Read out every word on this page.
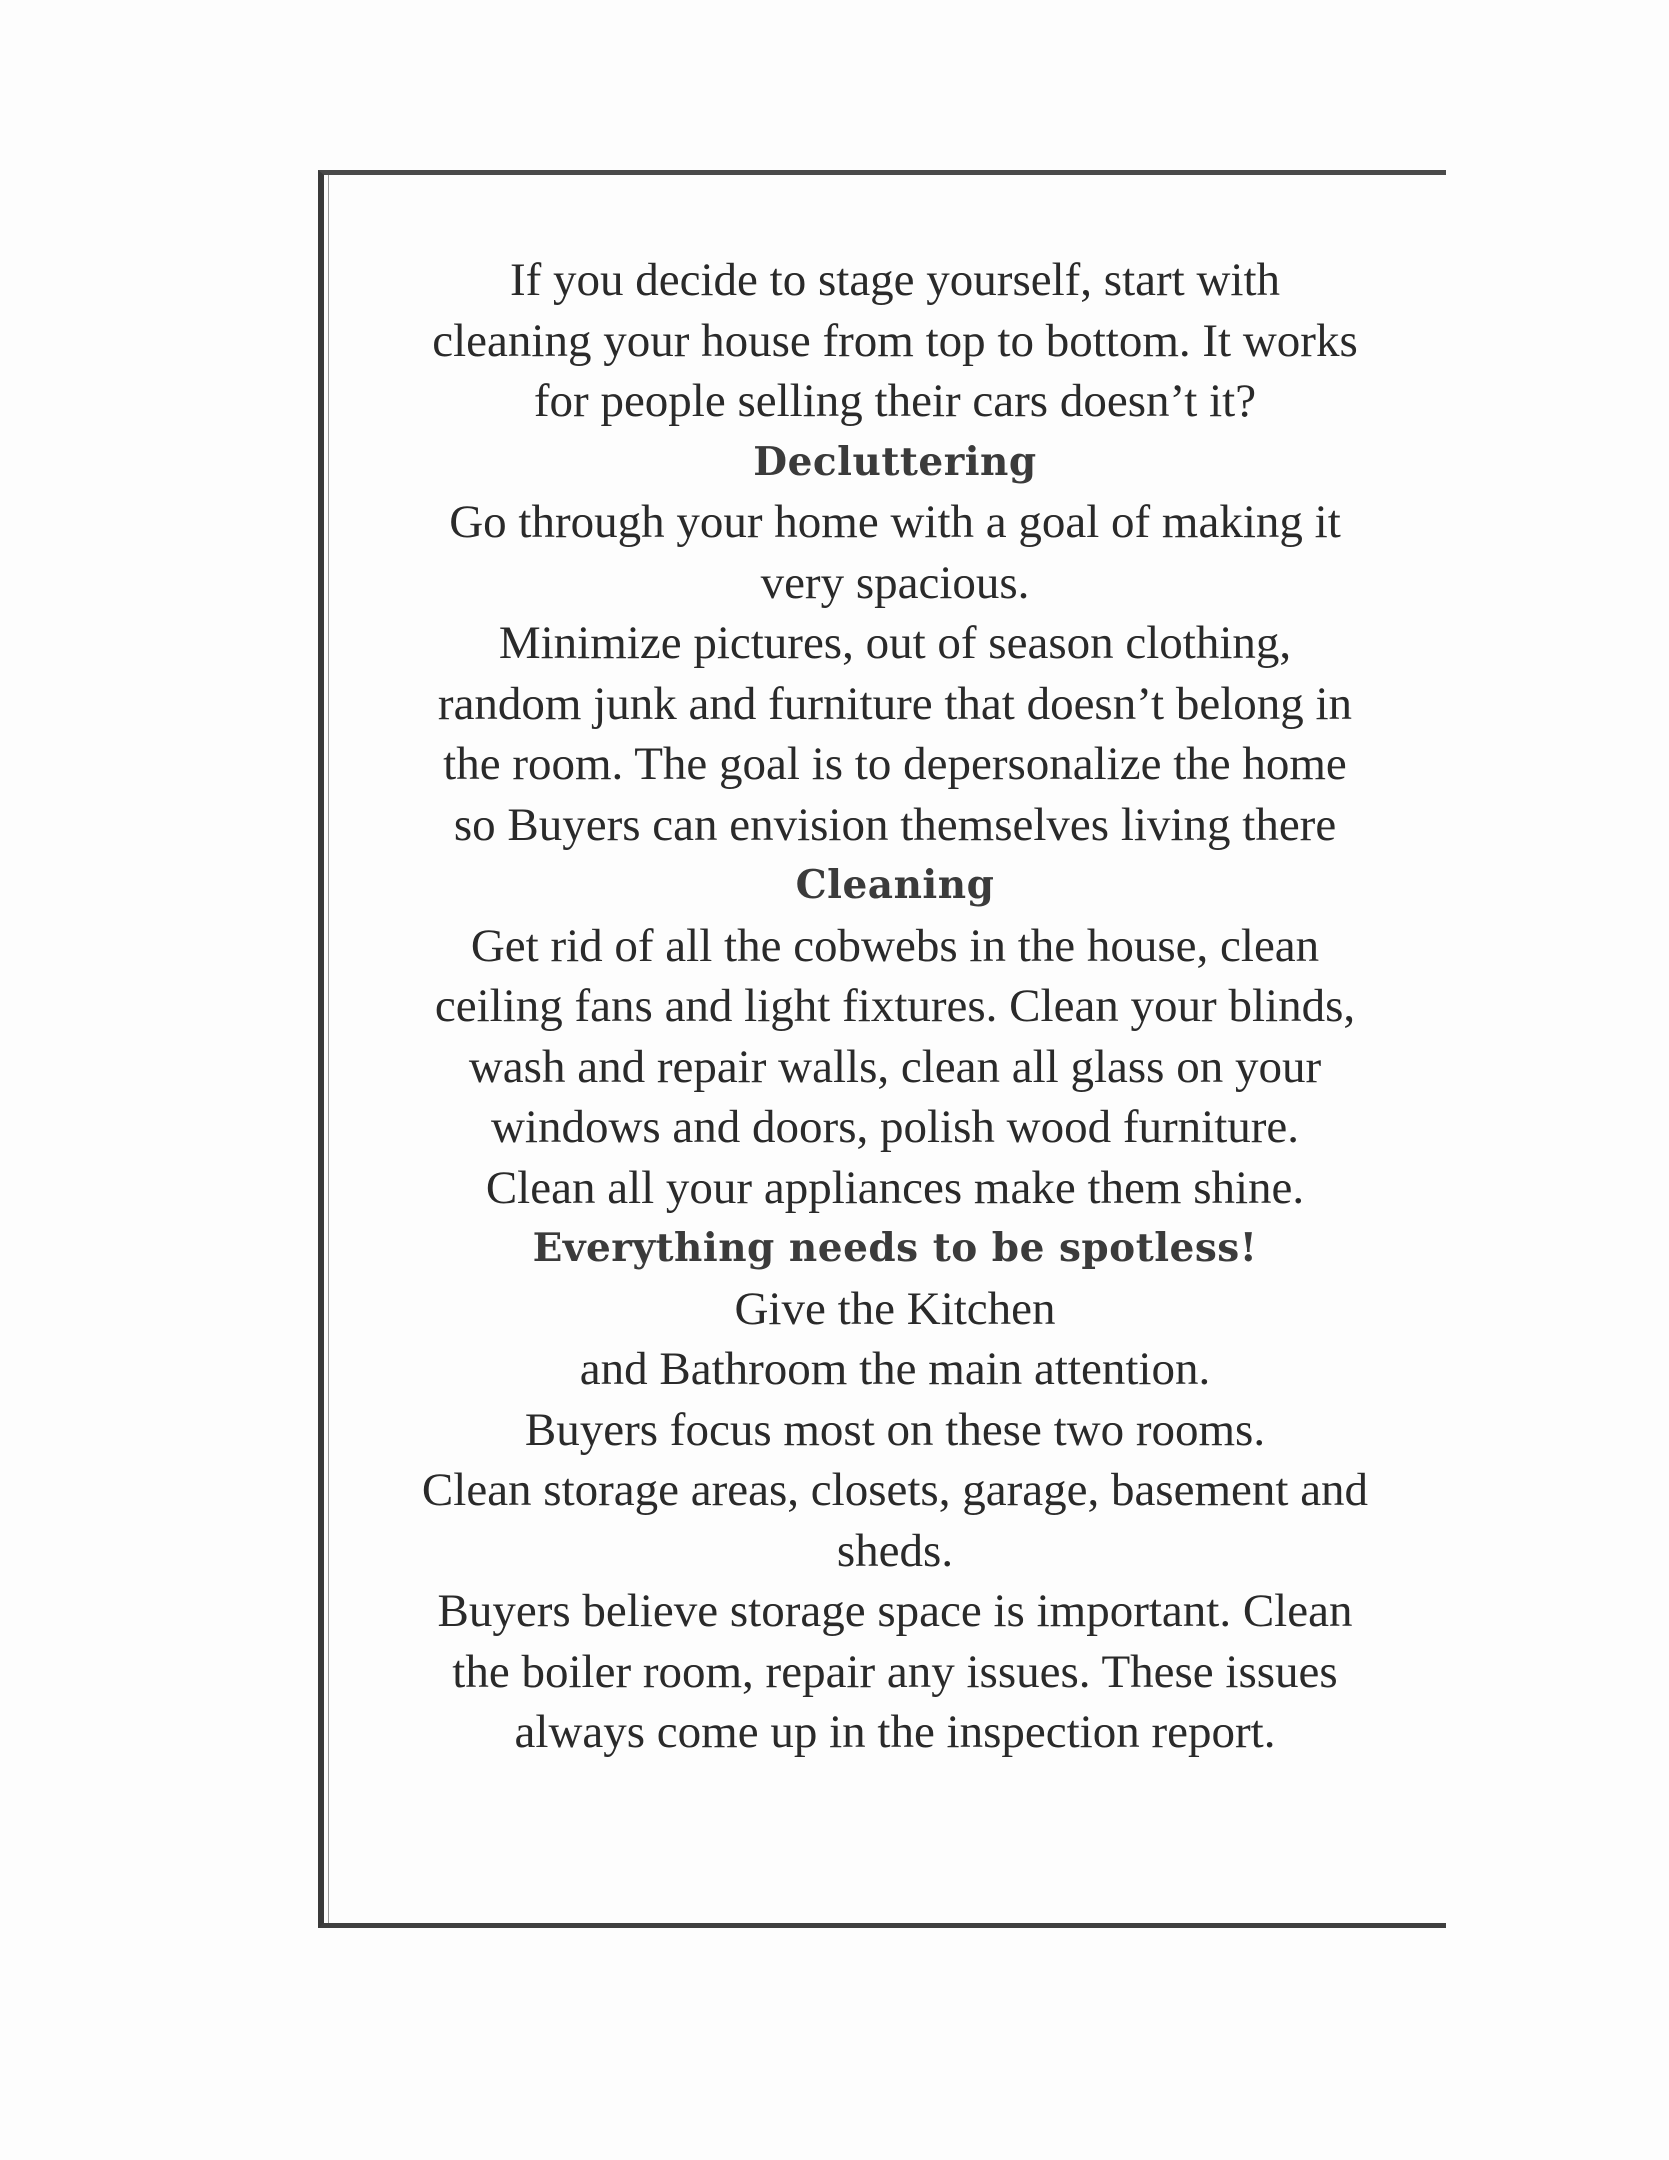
If you decide to stage yourself, start with
cleaning your house from top to bottom. It works
for people selling their cars doesn’t it?
Decluttering
Go through your home with a goal of making it
very spacious.
Minimize pictures, out of season clothing,
random junk and furniture that doesn’t belong in
the room. The goal is to depersonalize the home
so Buyers can envision themselves living there
Cleaning
Get rid of all the cobwebs in the house, clean
ceiling fans and light fixtures. Clean your blinds,
wash and repair walls, clean all glass on your
windows and doors, polish wood furniture.
Clean all your appliances make them shine.
Everything needs to be spotless!
Give the Kitchen
and Bathroom the main attention.
Buyers focus most on these two rooms.
Clean storage areas, closets, garage, basement and
sheds.
Buyers believe storage space is important. Clean
the boiler room, repair any issues. These issues
always come up in the inspection report.
